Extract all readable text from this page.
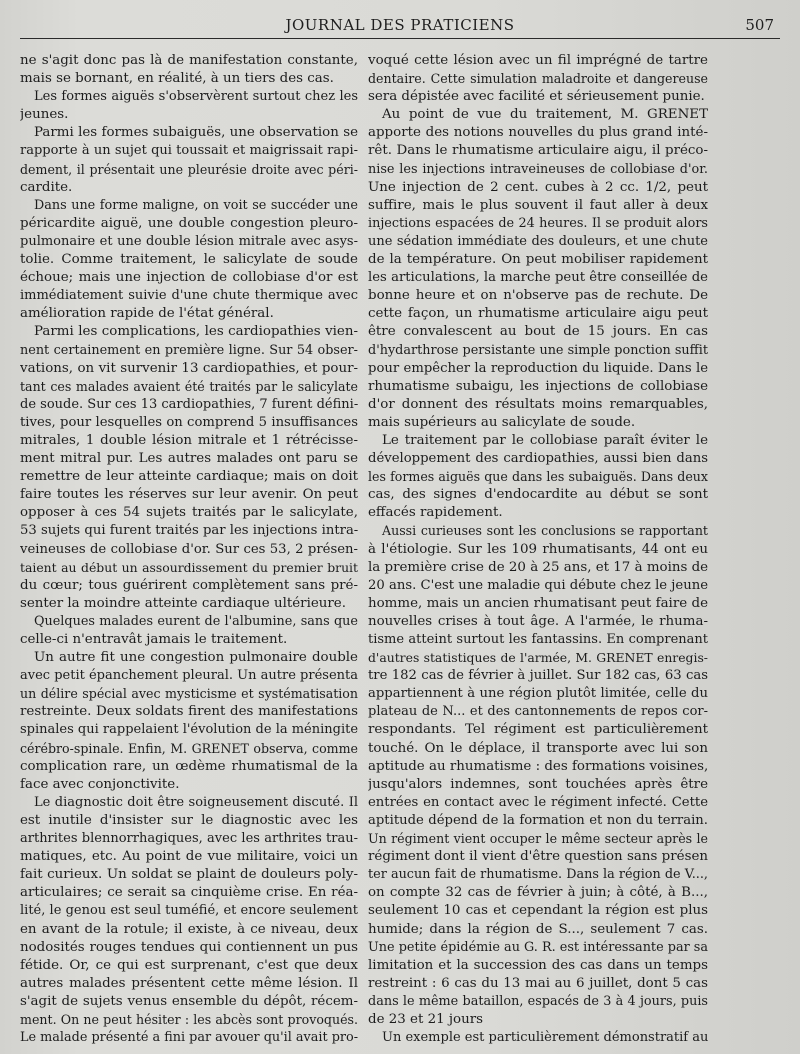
JOURNAL DES PRATICIENS	507
ne s'agit donc pas là de manifestation constante,
mais se bornant, en réalité, à un tiers des cas.
Les formes aiguës s'observèrent surtout chez les
jeunes.
Parmi les formes subaiguës, une observation se
rapporte à un sujet qui toussait et maigrissait rapi-
dement, il présentait une pleurésie droite avec péri-
cardite.
Dans une forme maligne, on voit se succéder une
péricardite aiguë, une double congestion pleuro-
pulmonaire et une double lésion mitrale avec asys-
tolie. Comme traitement, le salicylate de soude
échoue; mais une injection de collobiase d'or est
immédiatement suivie d'une chute thermique avec
amélioration rapide de l'état général.
Parmi les complications, les cardiopathies vien-
nent certainement en première ligne. Sur 54 obser-
vations, on vit survenir 13 cardiopathies, et pour-
tant ces malades avaient été traités par le salicylate
de soude. Sur ces 13 cardiopathies, 7 furent défini-
tives, pour lesquelles on comprend 5 insuffisances
mitrales, 1 double lésion mitrale et 1 rétrécisse-
ment mitral pur. Les autres malades ont paru se
remettre de leur atteinte cardiaque; mais on doit
faire toutes les réserves sur leur avenir. On peut
opposer à ces 54 sujets traités par le salicylate,
53 sujets qui furent traités par les injections intra-
veineuses de collobiase d'or. Sur ces 53, 2 présen-
taient au début un assourdissement du premier bruit
du cœur; tous guérirent complètement sans pré-
senter la moindre atteinte cardiaque ultérieure.
Quelques malades eurent de l'albumine, sans que
celle-ci n'entravât jamais le traitement.
Un autre fit une congestion pulmonaire double
avec petit épanchement pleural. Un autre présenta
un délire spécial avec mysticisme et systématisation
restreinte. Deux soldats firent des manifestations
spinales qui rappelaient l'évolution de la méningite
cérébro-spinale. Enfin, M. GRENET observa, comme
complication rare, un œdème rhumatismal de la
face avec conjonctivite.
Le diagnostic doit être soigneusement discuté. Il
est inutile d'insister sur le diagnostic avec les
arthrites blennorrhagiques, avec les arthrites trau-
matiques, etc. Au point de vue militaire, voici un
fait curieux. Un soldat se plaint de douleurs poly-
articulaires; ce serait sa cinquième crise. En réa-
lité, le genou est seul tuméfié, et encore seulement
en avant de la rotule; il existe, à ce niveau, deux
nodosités rouges tendues qui contiennent un pus
fétide. Or, ce qui est surprenant, c'est que deux
autres malades présentent cette même lésion. Il
s'agit de sujets venus ensemble du dépôt, récem-
ment. On ne peut hésiter : les abcès sont provoqués.
Le malade présenté a fini par avouer qu'il avait pro-
voqué cette lésion avec un fil imprégné de tartre
dentaire. Cette simulation maladroite et dangereuse
sera dépistée avec facilité et sérieusement punie.
Au point de vue du traitement, M. GRENET
apporte des notions nouvelles du plus grand inté-
rêt. Dans le rhumatisme articulaire aigu, il préco-
nise les injections intraveineuses de collobiase d'or.
Une injection de 2 cent. cubes à 2 cc. 1/2, peut
suffire, mais le plus souvent il faut aller à deux
injections espacées de 24 heures. Il se produit alors
une sédation immédiate des douleurs, et une chute
de la température. On peut mobiliser rapidement
les articulations, la marche peut être conseillée de
bonne heure et on n'observe pas de rechute. De
cette façon, un rhumatisme articulaire aigu peut
être convalescent au bout de 15 jours. En cas
d'hydarthrose persistante une simple ponction suffit
pour empêcher la reproduction du liquide. Dans le
rhumatisme subaigu, les injections de collobiase
d'or donnent des résultats moins remarquables,
mais supérieurs au salicylate de soude.
Le traitement par le collobiase paraît éviter le
développement des cardiopathies, aussi bien dans
les formes aiguës que dans les subaiguës. Dans deux
cas, des signes d'endocardite au début se sont
effacés rapidement.
Aussi curieuses sont les conclusions se rapportant
à l'étiologie. Sur les 109 rhumatisants, 44 ont eu
la première crise de 20 à 25 ans, et 17 à moins de
20 ans. C'est une maladie qui débute chez le jeune
homme, mais un ancien rhumatisant peut faire de
nouvelles crises à tout âge. A l'armée, le rhuma-
tisme atteint surtout les fantassins. En comprenant
d'autres statistiques de l'armée, M. GRENET enregis-
tre 182 cas de février à juillet. Sur 182 cas, 63 cas
appartiennent à une région plutôt limitée, celle du
plateau de N... et des cantonnements de repos cor-
respondants. Tel régiment est particulièrement
touché. On le déplace, il transporte avec lui son
aptitude au rhumatisme : des formations voisines,
jusqu'alors indemnes, sont touchées après être
entrées en contact avec le régiment infecté. Cette
aptitude dépend de la formation et non du terrain.
Un régiment vient occuper le même secteur après le
régiment dont il vient d'être question sans présen
ter aucun fait de rhumatisme. Dans la région de V...,
on compte 32 cas de février à juin; à côté, à B...,
seulement 10 cas et cependant la région est plus
humide; dans la région de S..., seulement 7 cas.
Une petite épidémie au G. R. est intéressante par sa
limitation et la succession des cas dans un temps
restreint : 6 cas du 13 mai au 6 juillet, dont 5 cas
dans le même bataillon, espacés de 3 à 4 jours, puis
de 23 et 21 jours
Un exemple est particulièrement démonstratif au
